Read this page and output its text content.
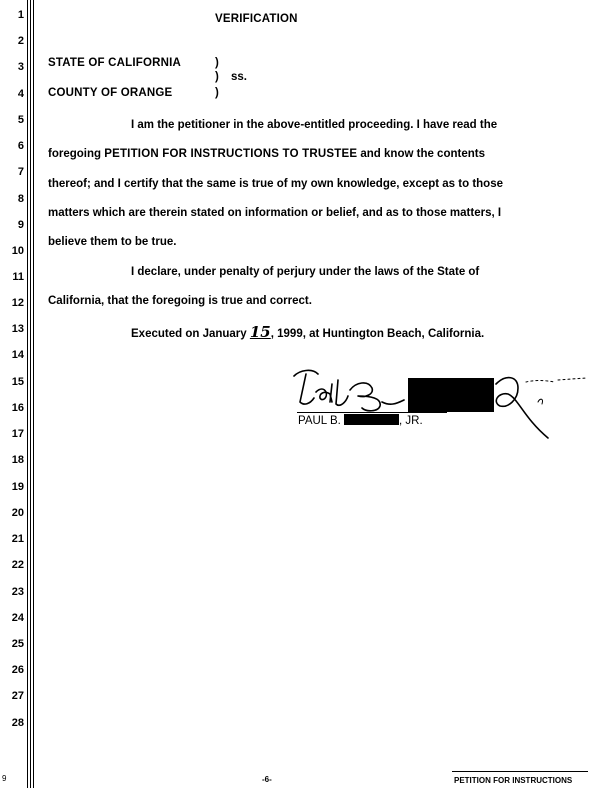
1
2
3
4
5
6
7
8
9
10
11
12
13
14
15
16
17
18
19
20
21
22
23
24
25
26
27
28
VERIFICATION
STATE OF CALIFORNIA	)
) ss.
COUNTY OF ORANGE	)
I am the petitioner in the above-entitled proceeding. I have read the
foregoing PETITION FOR INSTRUCTIONS TO TRUSTEE and know the contents
thereof; and I certify that the same is true of my own knowledge, except as to those
matters which are therein stated on information or belief, and as to those matters, I
believe them to be true.
I declare, under penalty of perjury under the laws of the State of
California, that the foregoing is true and correct.
Executed on January 15, 1999, at Huntington Beach, California.
PAUL B.	, JR.
9	-6-	PETITION FOR INSTRUCTIONS
